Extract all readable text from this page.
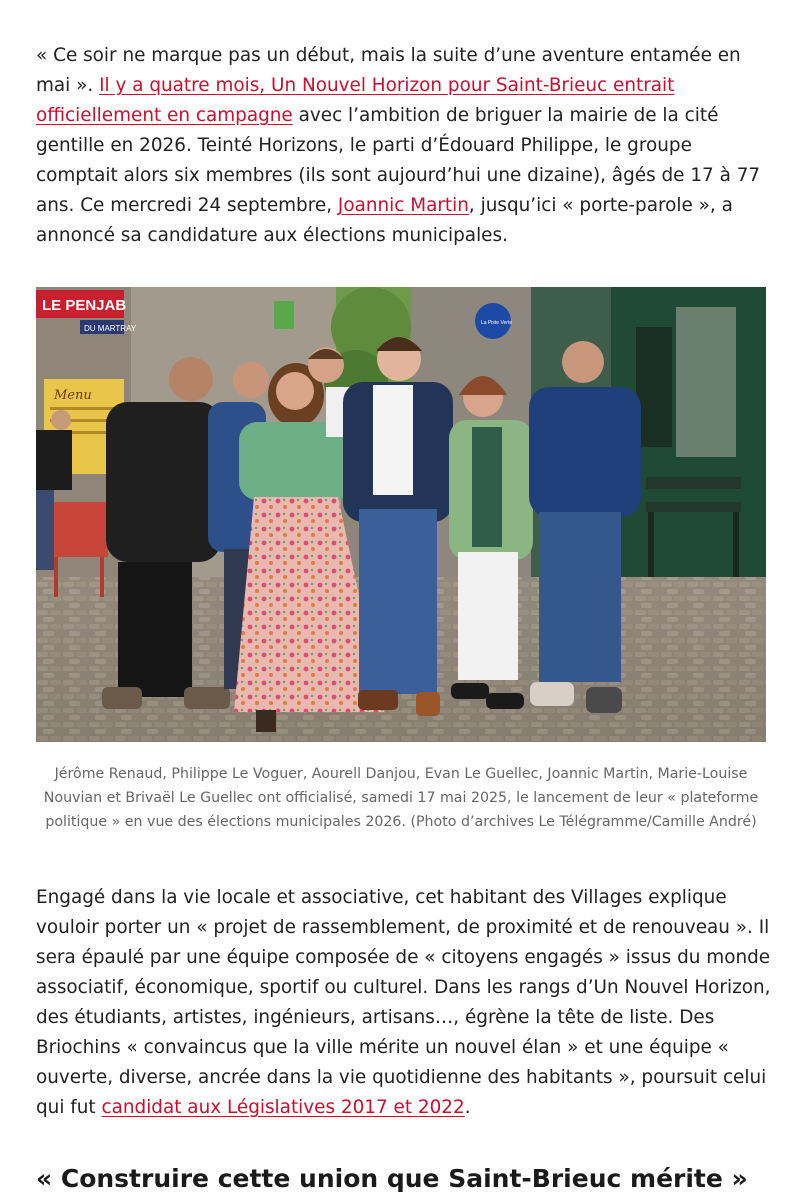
« Ce soir ne marque pas un début, mais la suite d’une aventure entamée en mai ». Il y a quatre mois, Un Nouvel Horizon pour Saint-Brieuc entrait officiellement en campagne avec l’ambition de briguer la mairie de la cité gentille en 2026. Teinté Horizons, le parti d’Édouard Philippe, le groupe comptait alors six membres (ils sont aujourd’hui une dizaine), âgés de 17 à 77 ans. Ce mercredi 24 septembre, Joannic Martin, jusqu’ici « porte-parole », a annoncé sa candidature aux élections municipales.

LE PENJAB
DU MARTRAY
Menu
La Piste Verte

Jérôme Renaud, Philippe Le Voguer, Aourell Danjou, Evan Le Guellec, Joannic Martin, Marie-Louise Nouvian et Brivaël Le Guellec ont officialisé, samedi 17 mai 2025, le lancement de leur « plateforme politique » en vue des élections municipales 2026. (Photo d’archives Le Télégramme/Camille André)

Engagé dans la vie locale et associative, cet habitant des Villages explique vouloir porter un « projet de rassemblement, de proximité et de renouveau ». Il sera épaulé par une équipe composée de « citoyens engagés » issus du monde associatif, économique, sportif ou culturel. Dans les rangs d’Un Nouvel Horizon, des étudiants, artistes, ingénieurs, artisans…, égrène la tête de liste. Des Briochins « convaincus que la ville mérite un nouvel élan » et une équipe « ouverte, diverse, ancrée dans la vie quotidienne des habitants », poursuit celui qui fut candidat aux Législatives 2017 et 2022.

« Construire cette union que Saint-Brieuc mérite »
